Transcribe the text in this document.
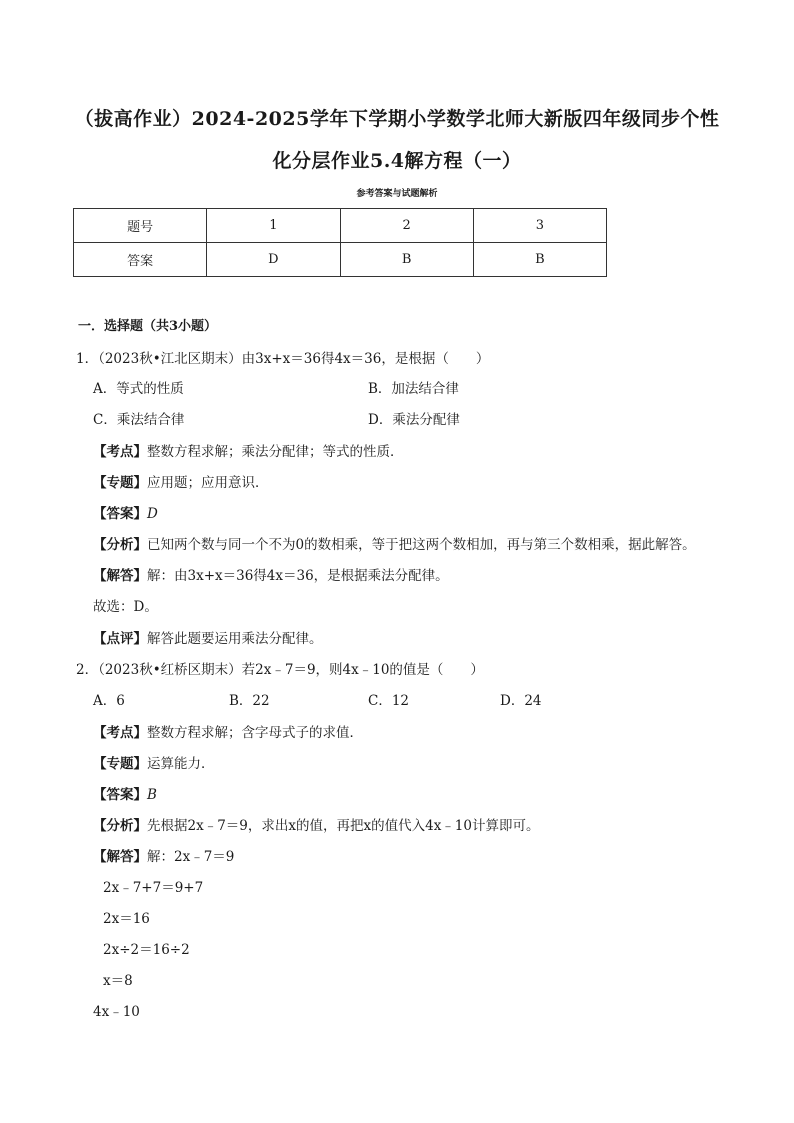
（拔高作业）2024-2025学年下学期小学数学北师大新版四年级同步个性
化分层作业5.4解方程（一）
参考答案与试题解析
题号	1	2	3
答案	D	B	B
一．选择题（共3小题）
1．（2023秋•江北区期末）由3x+x＝36得4x＝36，是根据（　　）
A．等式的性质	B．加法结合律
C．乘法结合律	D．乘法分配律
【考点】整数方程求解；乘法分配律；等式的性质．
【专题】应用题；应用意识．
【答案】D
【分析】已知两个数与同一个不为0的数相乘，等于把这两个数相加，再与第三个数相乘，据此解答。
【解答】解：由3x+x＝36得4x＝36，是根据乘法分配律。
故选：D。
【点评】解答此题要运用乘法分配律。
2．（2023秋•红桥区期末）若2x﹣7＝9，则4x﹣10的值是（　　）
A．6	B．22	C．12	D．24
【考点】整数方程求解；含字母式子的求值．
【专题】运算能力．
【答案】B
【分析】先根据2x﹣7＝9，求出x的值，再把x的值代入4x﹣10计算即可。
【解答】解：2x﹣7＝9
2x﹣7+7＝9+7
2x＝16
2x÷2＝16÷2
x＝8
4x﹣10
